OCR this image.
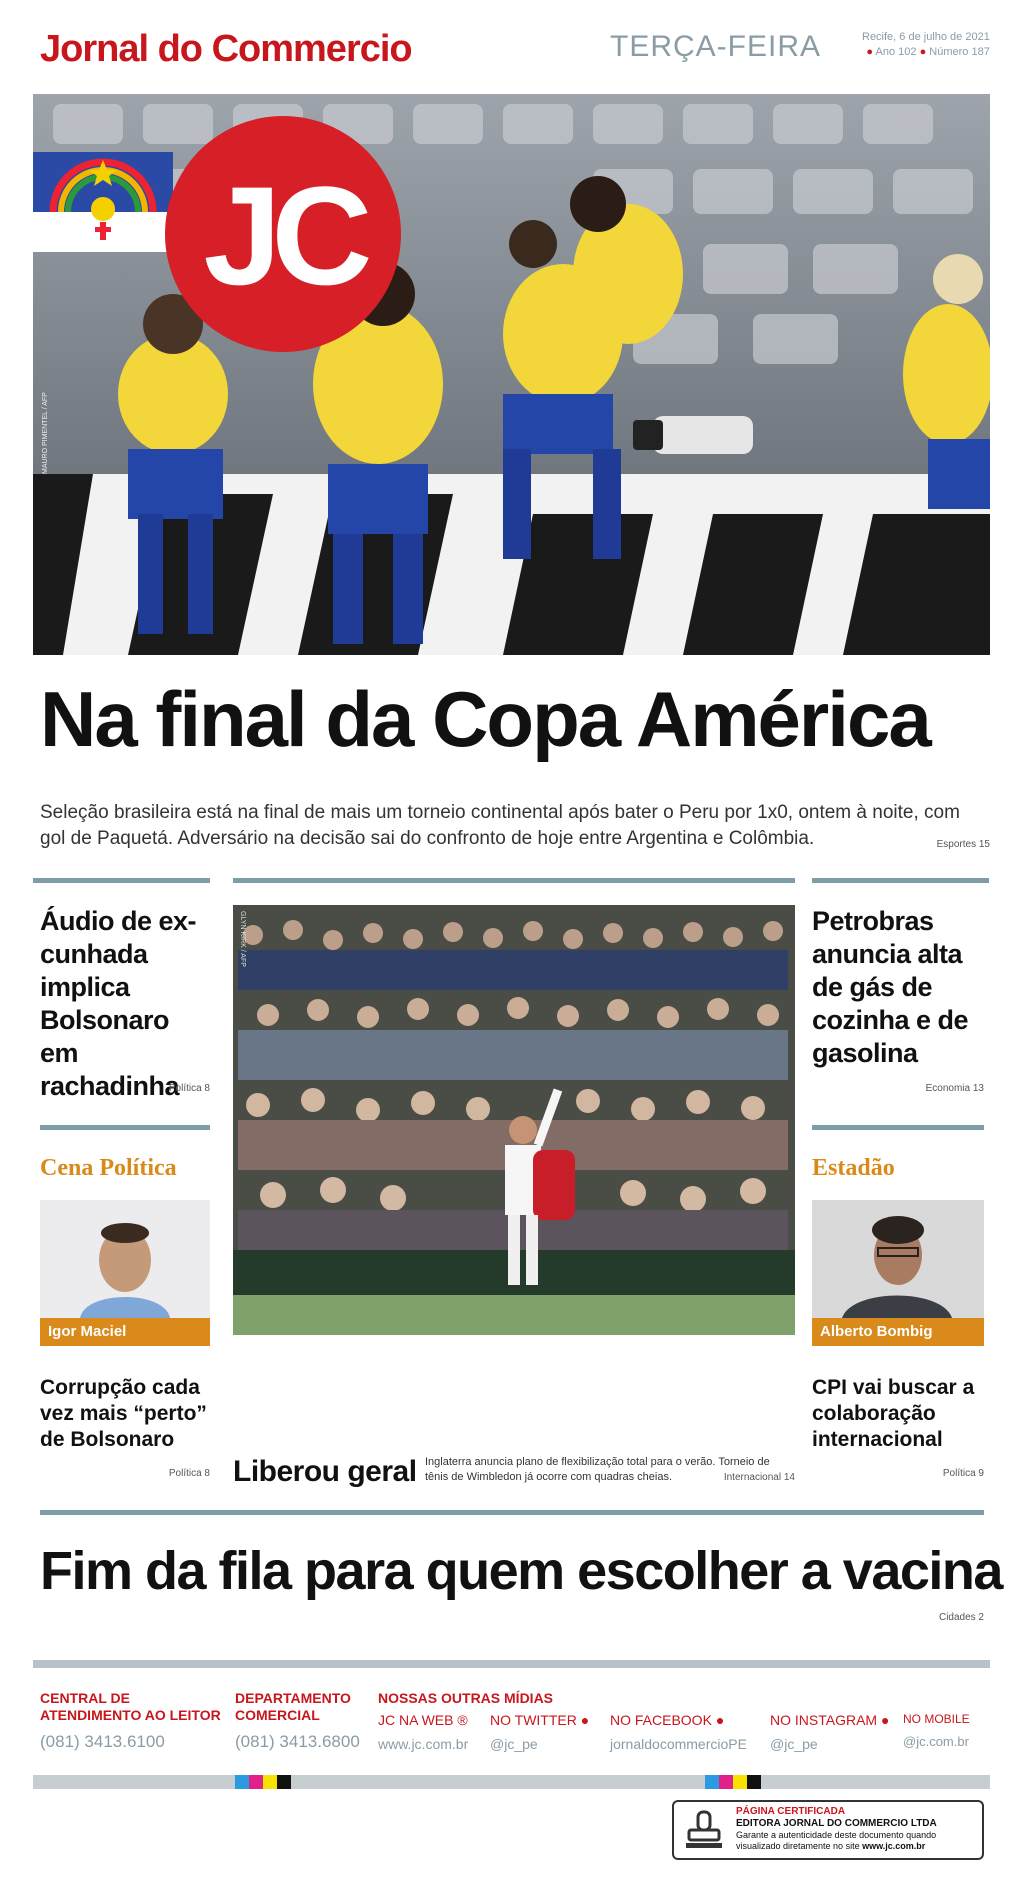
Jornal do Commercio	TERÇA-FEIRA	Recife, 6 de julho de 2021
● Ano 102 ● Número 187
JC
MAURO PIMENTEL / AFP
Na final da Copa América
Seleção brasileira está na final de mais um torneio continental após bater o Peru por 1x0, ontem à noite, com gol de Paquetá. Adversário na decisão sai do confronto de hoje entre Argentina e Colômbia.	Esportes 15
Áudio de ex-cunhada implica Bolsonaro em rachadinha
Política 8
Cena Política
Igor Maciel
Corrupção cada vez mais “perto” de Bolsonaro
Política 8
GLYN KIRK / AFP
Liberou geral Inglaterra anuncia plano de flexibilização total para o verão. Torneio de tênis de Wimbledon já ocorre com quadras cheias.	Internacional 14
Petrobras anuncia alta de gás de cozinha e de gasolina
Economia 13
Estadão
Alberto Bombig
CPI vai buscar a colaboração internacional
Política 9
Fim da fila para quem escolher a vacina
Cidades 2
CENTRAL DE
ATENDIMENTO AO LEITOR
(081) 3413.6100
DEPARTAMENTO
COMERCIAL
(081) 3413.6800
NOSSAS OUTRAS MÍDIAS
JC NA WEB ®
www.jc.com.br
NO TWITTER ●
@jc_pe
NO FACEBOOK ●
jornaldocommercioPE
NO INSTAGRAM ●
@jc_pe
NO MOBILE
@jc.com.br
PÁGINA CERTIFICADA
EDITORA JORNAL DO COMMERCIO LTDA
Garante a autenticidade deste documento quando visualizado diretamente no site www.jc.com.br
